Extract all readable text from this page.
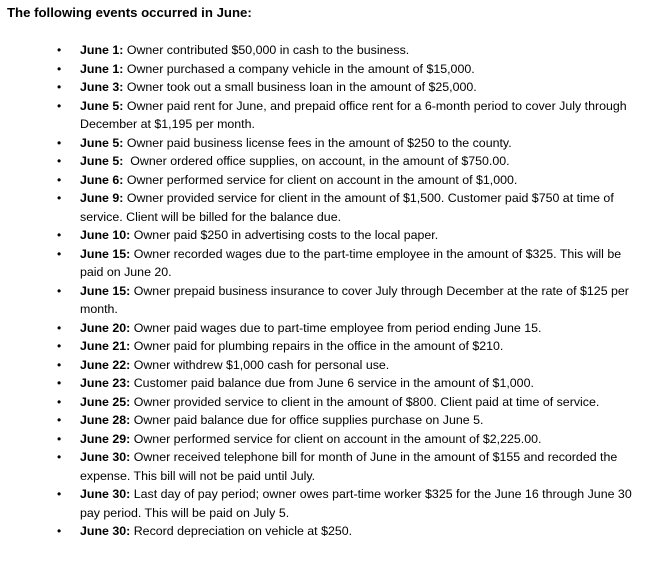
The following events occurred in June:
• June 1: Owner contributed $50,000 in cash to the business.
• June 1: Owner purchased a company vehicle in the amount of $15,000.
• June 3: Owner took out a small business loan in the amount of $25,000.
• June 5: Owner paid rent for June, and prepaid office rent for a 6-month period to cover July through December at $1,195 per month.
• June 5: Owner paid business license fees in the amount of $250 to the county.
• June 5:  Owner ordered office supplies, on account, in the amount of $750.00.
• June 6: Owner performed service for client on account in the amount of $1,000.
• June 9: Owner provided service for client in the amount of $1,500. Customer paid $750 at time of service. Client will be billed for the balance due.
• June 10: Owner paid $250 in advertising costs to the local paper.
• June 15: Owner recorded wages due to the part-time employee in the amount of $325. This will be paid on June 20.
• June 15: Owner prepaid business insurance to cover July through December at the rate of $125 per month.
• June 20: Owner paid wages due to part-time employee from period ending June 15.
• June 21: Owner paid for plumbing repairs in the office in the amount of $210.
• June 22: Owner withdrew $1,000 cash for personal use.
• June 23: Customer paid balance due from June 6 service in the amount of $1,000.
• June 25: Owner provided service to client in the amount of $800. Client paid at time of service.
• June 28: Owner paid balance due for office supplies purchase on June 5.
• June 29: Owner performed service for client on account in the amount of $2,225.00.
• June 30: Owner received telephone bill for month of June in the amount of $155 and recorded the expense. This bill will not be paid until July.
• June 30: Last day of pay period; owner owes part-time worker $325 for the June 16 through June 30 pay period. This will be paid on July 5.
• June 30: Record depreciation on vehicle at $250.
